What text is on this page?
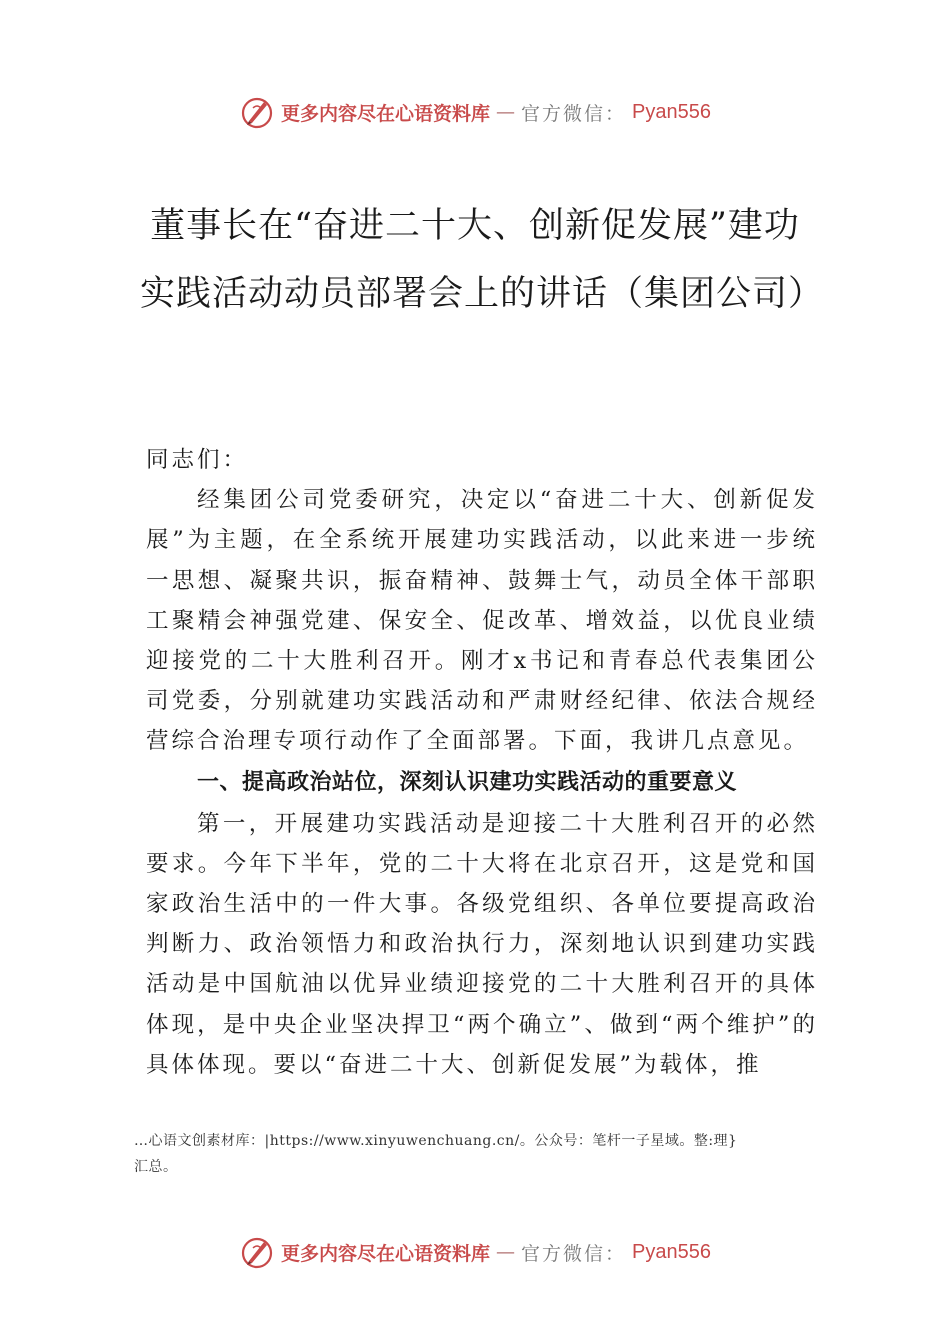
更多内容尽在心语资料库 — 官方微信： Pyan556
董事长在“奋进二十大、创新促发展”建功实践活动动员部署会上的讲话（集团公司）

同志们：

经集团公司党委研究，决定以“奋进二十大、创新促发展”为主题，在全系统开展建功实践活动，以此来进一步统一思想、凝聚共识，振奋精神、鼓舞士气，动员全体干部职工聚精会神强党建、保安全、促改革、增效益，以优良业绩迎接党的二十大胜利召开。刚才x书记和青春总代表集团公司党委，分别就建功实践活动和严肃财经纪律、依法合规经营综合治理专项行动作了全面部署。下面，我讲几点意见。

一、提高政治站位，深刻认识建功实践活动的重要意义

第一，开展建功实践活动是迎接二十大胜利召开的必然要求。今年下半年，党的二十大将在北京召开，这是党和国家政治生活中的一件大事。各级党组织、各单位要提高政治判断力、政治领悟力和政治执行力，深刻地认识到建功实践活动是中国航油以优异业绩迎接党的二十大胜利召开的具体体现，是中央企业坚决捍卫“两个确立”、做到“两个维护”的具体体现。要以“奋进二十大、创新促发展”为载体，推

…心语文创素材库：|https://www.xinyuwenchuang.cn/。公众号：笔杆一子星域。整:理}

汇总。

更多内容尽在心语资料库 — 官方微信： Pyan556
